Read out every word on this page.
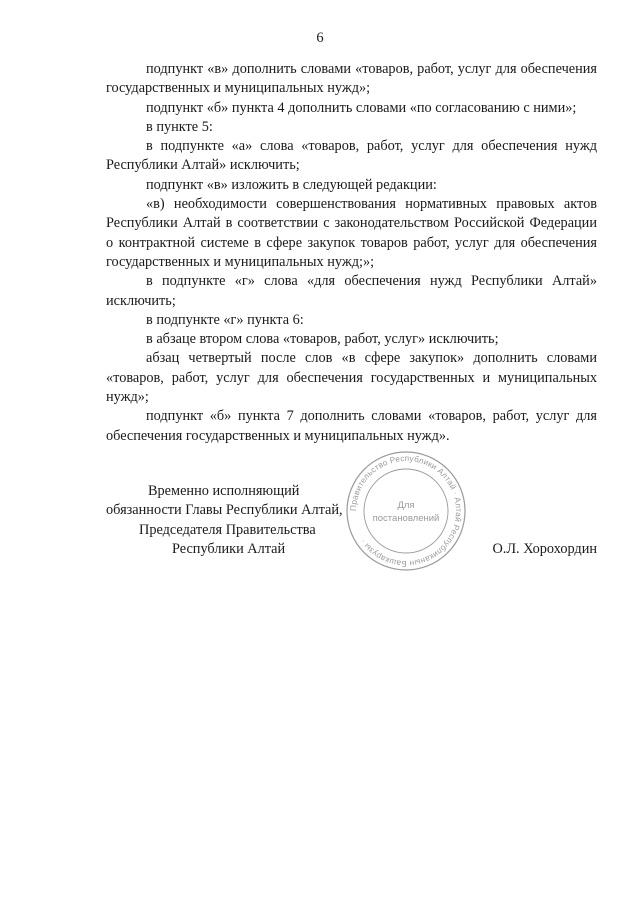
6

подпункт «в» дополнить словами «товаров, работ, услуг для обеспечения государственных и муниципальных нужд»;

подпункт «б» пункта 4 дополнить словами «по согласованию с ними»;

в пункте 5:

в подпункте «а» слова «товаров, работ, услуг для обеспечения нужд Республики Алтай» исключить;

подпункт «в» изложить в следующей редакции:

«в) необходимости совершенствования нормативных правовых актов Республики Алтай в соответствии с законодательством Российской Федерации о контрактной системе в сфере закупок товаров работ, услуг для обеспечения государственных и муниципальных нужд;»;

в подпункте «г» слова «для обеспечения нужд Республики Алтай» исключить;

в подпункте «г» пункта 6:

в абзаце втором слова «товаров, работ, услуг» исключить;

абзац четвертый после слов «в сфере закупок» дополнить словами «товаров, работ, услуг для обеспечения государственных и муниципальных нужд»;

подпункт «б» пункта 7 дополнить словами «товаров, работ, услуг для обеспечения государственных и муниципальных нужд».

Временно исполняющий
обязанности Главы Республики Алтай,
Председателя Правительства
Республики Алтай	О.Л. Хорохордин
Правительство Республики Алтай · Алтай Республиканын Башкарузы ·
Для
постановлений
